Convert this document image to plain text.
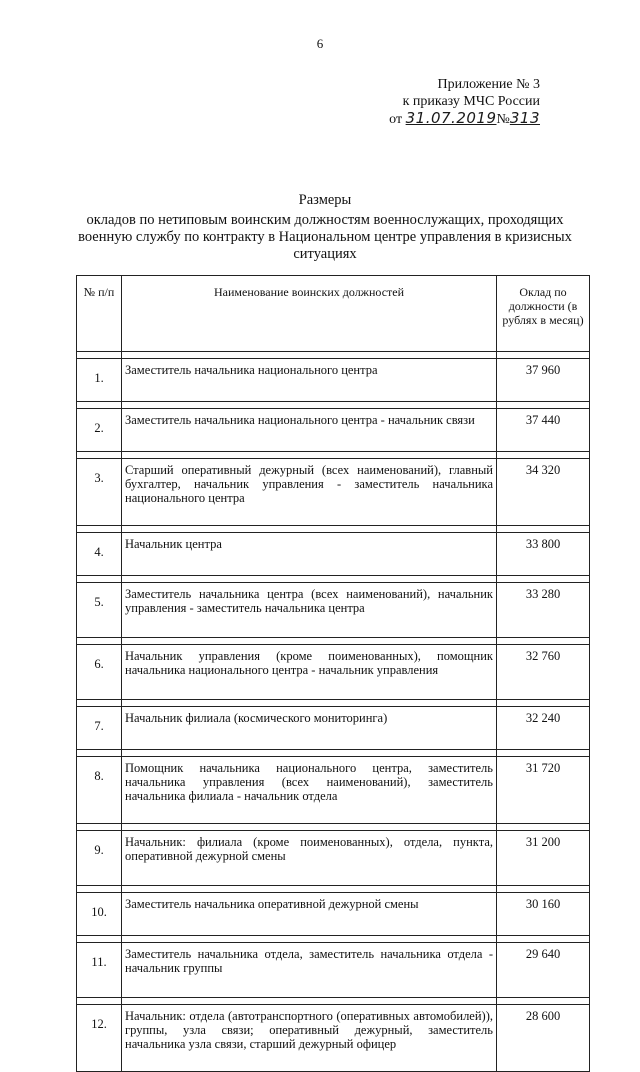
6
Приложение № 3
к приказу МЧС России
от 31.07.2019№313
Размеры
окладов по нетиповым воинским должностям военнослужащих, проходящих военную службу по контракту в Национальном центре управления в кризисных ситуациях
№ п/п	Наименование воинских должностей	Оклад по должности (в рублях в месяц)

1.	Заместитель начальника национального центра	37 960

2.	Заместитель начальника национального центра - начальник связи	37 440

3.	Старший оперативный дежурный (всех наименований), главный бухгалтер, начальник управления - заместитель начальника национального центра	34 320

4.	Начальник центра	33 800

5.	Заместитель начальника центра (всех наименований), начальник управления - заместитель начальника центра	33 280

6.	Начальник управления (кроме поименованных), помощник начальника национального центра - начальник управления	32 760

7.	Начальник филиала (космического мониторинга)	32 240

8.	Помощник начальника национального центра, заместитель начальника управления (всех наименований), заместитель начальника филиала - начальник отдела	31 720

9.	Начальник: филиала (кроме поименованных), отдела, пункта, оперативной дежурной смены	31 200

10.	Заместитель начальника оперативной дежурной смены	30 160

11.	Заместитель начальника отдела, заместитель начальника отдела - начальник группы	29 640

12.	Начальник: отдела (автотранспортного (оперативных автомобилей)), группы, узла связи; оперативный дежурный, заместитель начальника узла связи, старший дежурный офицер	28 600
